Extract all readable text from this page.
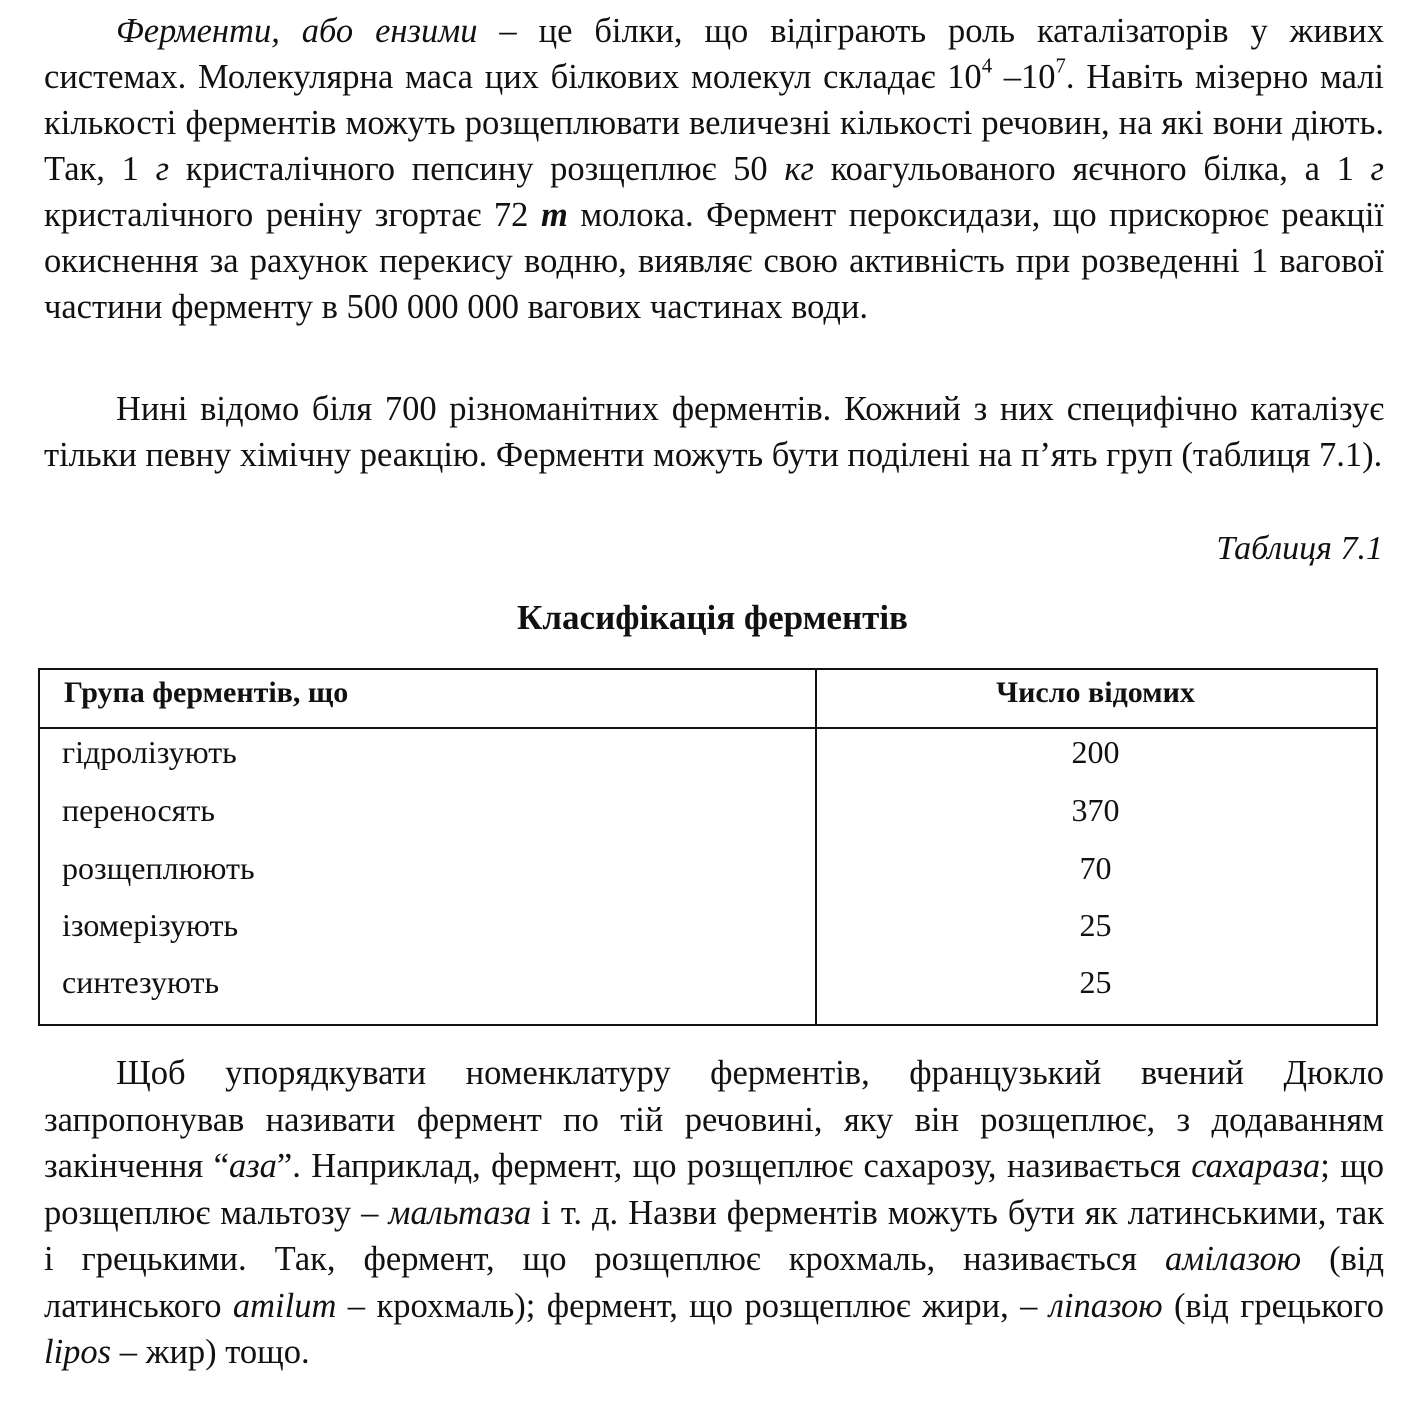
Ферменти, або ензими – це білки, що відіграють роль каталізаторів у живих системах. Молекулярна маса цих білкових молекул складає $10^4$ $-10^7$. Навіть мізерно малі кількості ферментів можуть розщеплювати величезні кількості речовин, на які вони діють. Так, 1 г кристалічного пепсину розщеплює 50 кг коагульованого яєчного білка, а 1 г кристалічного реніну згортає 72 т молока. Фермент пероксидази, що прискорює реакції окиснення за рахунок перекису водню, виявляє свою активність при розведенні 1 вагової частини ферменту в 500 000 000 вагових частинах води.

Нині відомо біля 700 різноманітних ферментів. Кожний з них специфічно каталізує тільки певну хімічну реакцію. Ферменти можуть бути поділені на п’ять груп (таблиця 7.1).

Таблиця 7.1
Класифікація ферментів
Група ферментів, що	Число відомих
гідролізують	200
переносять	370
розщеплюють	70
ізомерізують	25
синтезують	25

Щоб упорядкувати номенклатуру ферментів, французький вчений Дюкло запропонував називати фермент по тій речовині, яку він розщеплює, з додаванням закінчення “аза”. Наприклад, фермент, що розщеплює сахарозу, називається сахараза; що розщеплює мальтозу – мальтаза і т. д. Назви ферментів можуть бути як латинськими, так і грецькими. Так, фермент, що розщеплює крохмаль, називається амілазою (від латинського amilum – крохмаль); фермент, що розщеплює жири, – ліпазою (від грецького lipos – жир) тощо.
